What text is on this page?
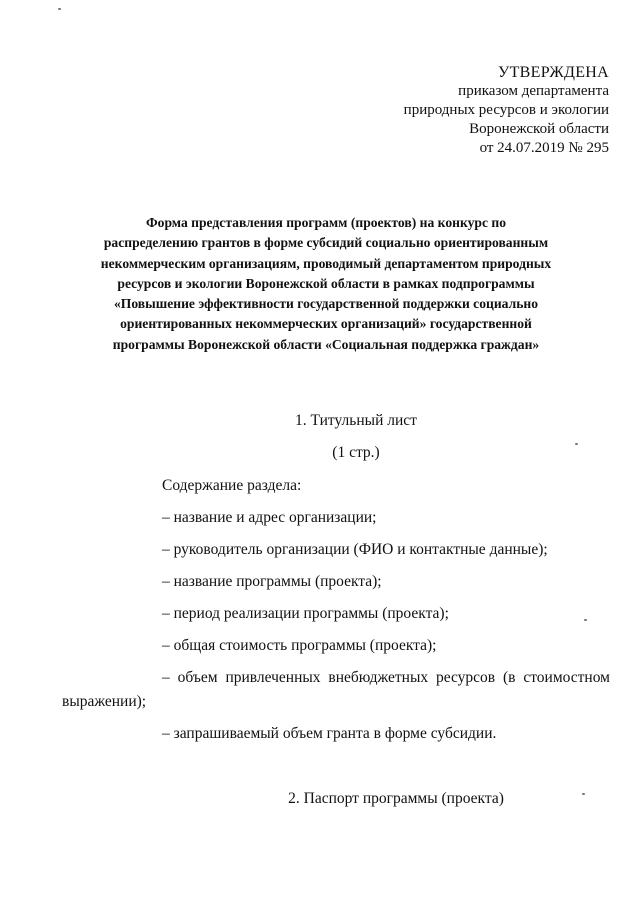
УТВЕРЖДЕНА
приказом департамента
природных ресурсов и экологии
Воронежской области
от 24.07.2019 № 295
Форма представления программ (проектов) на конкурс по
распределению грантов в форме субсидий социально ориентированным
некоммерческим организациям, проводимый департаментом природных
ресурсов и экологии Воронежской области в рамках подпрограммы
«Повышение эффективности государственной поддержки социально
ориентированных некоммерческих организаций» государственной
программы Воронежской области «Социальная поддержка граждан»
1. Титульный лист
(1 стр.)
Содержание раздела:
– название и адрес организации;
– руководитель организации (ФИО и контактные данные);
– название программы (проекта);
– период реализации программы (проекта);
– общая стоимость программы (проекта);
– объем привлеченных внебюджетных ресурсов (в стоимостном
– запрашиваемый объем гранта в форме субсидии.
выражении);
2. Паспорт программы (проекта)
